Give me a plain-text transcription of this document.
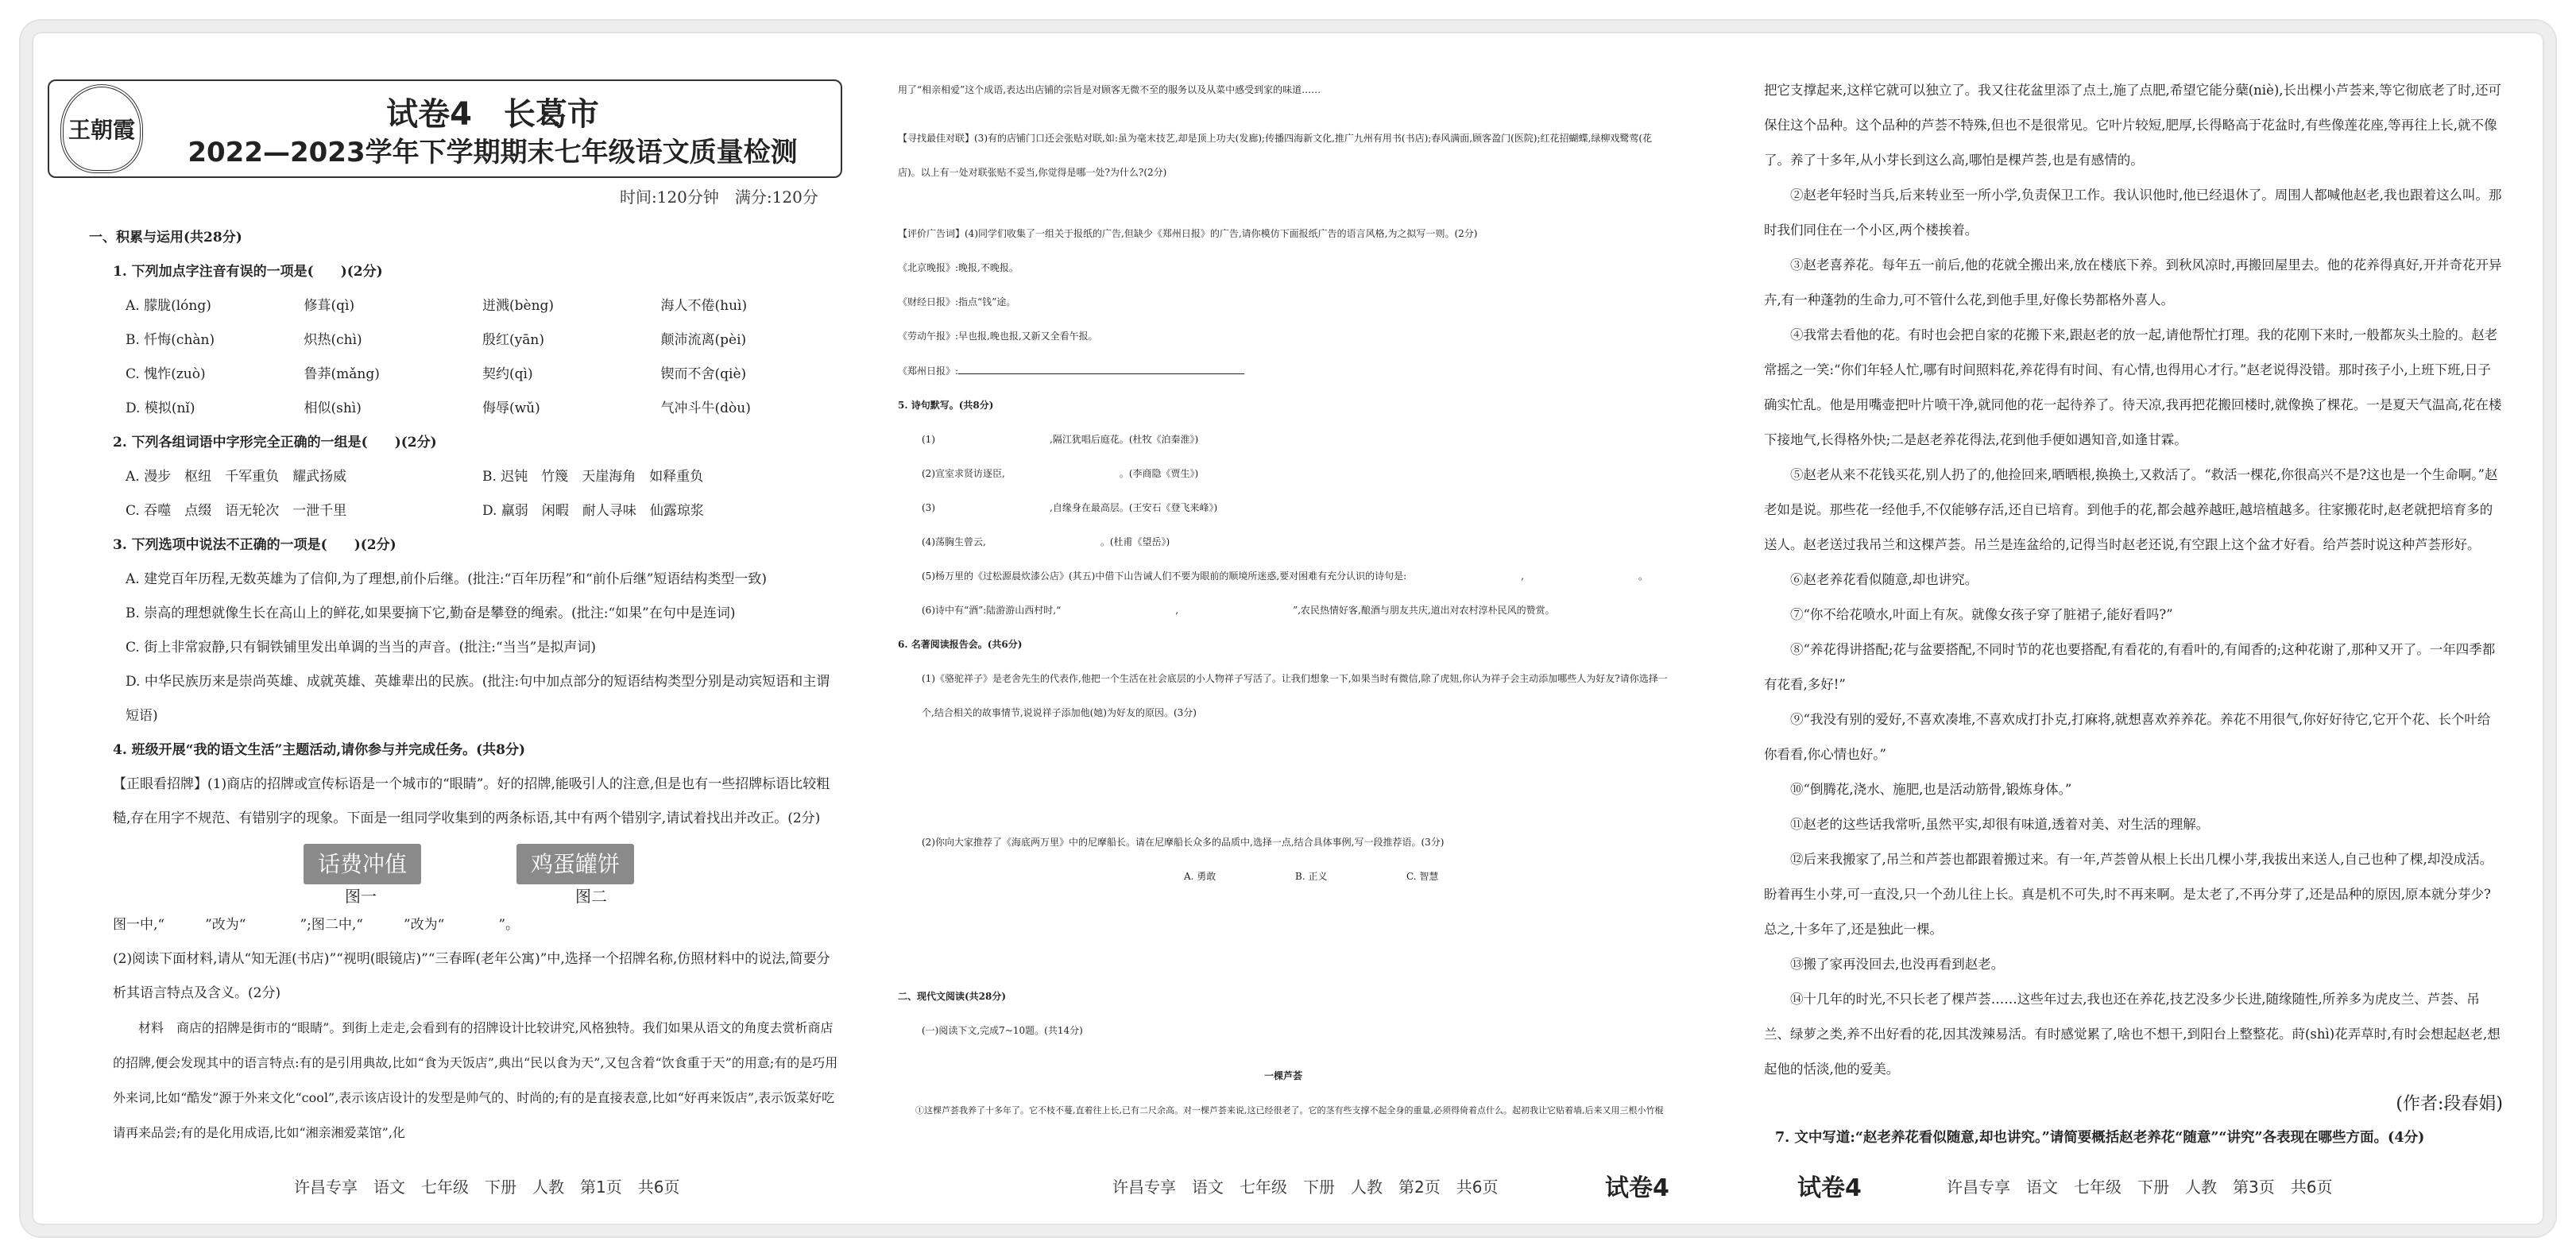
王朝霞	试卷4　长葛市
2022—2023学年下学期期末七年级语文质量检测
时间:120分钟　满分:120分
一、积累与运用(共28分)
1. 下列加点字注音有误的一项是(　　)(2分)
A. 朦胧(lóng)	修葺(qì)	迸溅(bèng)	海人不倦(huì)
B. 忏悔(chàn)	炽热(chì)	殷红(yān)	颠沛流离(pèi)
C. 愧怍(zuò)	鲁莽(mǎng)	契约(qì)	锲而不舍(qiè)
D. 模拟(nǐ)	相似(shì)	侮辱(wǔ)	气冲斗牛(dòu)
2. 下列各组词语中字形完全正确的一组是(　　)(2分)
A. 漫步　枢纽　千军重负　耀武扬威	B. 迟钝　竹篾　天崖海角　如释重负
C. 吞噬　点缀　语无轮次　一泄千里	D. 羸弱　闲暇　耐人寻味　仙露琼浆
3. 下列选项中说法不正确的一项是(　　)(2分)
A. 建党百年历程,无数英雄为了信仰,为了理想,前仆后继。(批注:“百年历程”和“前仆后继”短语结构类型一致)
B. 崇高的理想就像生长在高山上的鲜花,如果要摘下它,勤奋是攀登的绳索。(批注:“如果”在句中是连词)
C. 街上非常寂静,只有铜铁铺里发出单调的当当的声音。(批注:“当当”是拟声词)
D. 中华民族历来是崇尚英雄、成就英雄、英雄辈出的民族。(批注:句中加点部分的短语结构类型分别是动宾短语和主谓短语)
4. 班级开展“我的语文生活”主题活动,请你参与并完成任务。(共8分)
【正眼看招牌】(1)商店的招牌或宣传标语是一个城市的“眼睛”。好的招牌,能吸引人的注意,但是也有一些招牌标语比较粗糙,存在用字不规范、有错别字的现象。下面是一组同学收集到的两条标语,其中有两个错别字,请试着找出并改正。(2分)
话费冲值	鸡蛋罐饼
图一	图二
图一中,“　　　”改为“　　　　”;图二中,“　　　”改为“　　　　”。
(2)阅读下面材料,请从“知无涯(书店)”“视明(眼镜店)”“三春晖(老年公寓)”中,选择一个招牌名称,仿照材料中的说法,简要分析其语言特点及含义。(2分)
材料　商店的招牌是街市的“眼睛”。到街上走走,会看到有的招牌设计比较讲究,风格独特。我们如果从语文的角度去赏析商店的招牌,便会发现其中的语言特点:有的是引用典故,比如“食为天饭店”,典出“民以食为天”,又包含着“饮食重于天”的用意;有的是巧用外来词,比如“酷发”源于外来文化“cool”,表示该店设计的发型是帅气的、时尚的;有的是直接表意,比如“好再来饭店”,表示饭菜好吃请再来品尝;有的是化用成语,比如“湘亲湘爱菜馆”,化
许昌专享　语文　七年级　下册　人教　第1页　共6页
用了“相亲相爱”这个成语,表达出店铺的宗旨是对顾客无微不至的服务以及从菜中感受到家的味道……
【寻找最佳对联】(3)有的店铺门口还会张贴对联,如:虽为毫末技艺,却是顶上功夫(发廊);传播四海新文化,推广九州有用书(书店);春风满面,顾客盈门(医院);红花招蝴蝶,绿柳戏鹭莺(花店)。以上有一处对联张贴不妥当,你觉得是哪一处?为什么?(2分)
【评价广告词】(4)同学们收集了一组关于报纸的广告,但缺少《郑州日报》的广告,请你模仿下面报纸广告的语言风格,为之拟写一则。(2分)
《北京晚报》:晚报,不晚报。
《财经日报》:指点“钱”途。
《劳动午报》:早也报,晚也报,又新又全看午报。
《郑州日报》:
5. 诗句默写。(共8分)
(1)　　　　　　　　　　　　,隔江犹唱后庭花。(杜牧《泊秦淮》)
(2)宣室求贤访逐臣,　　　　　　　　　　　　。(李商隐《贾生》)
(3)　　　　　　　　　　　　,自缘身在最高层。(王安石《登飞来峰》)
(4)荡胸生曾云,　　　　　　　　　　　　。(杜甫《望岳》)
(5)杨万里的《过松源晨炊漆公店》(其五)中借下山告诫人们不要为眼前的顺境所迷惑,要对困难有充分认识的诗句是:　　　　　　　　　　　　,　　　　　　　　　　　　。
(6)诗中有“酒”:陆游游山西村时,“　　　　　　　　　　　　,　　　　　　　　　　　　”,农民热情好客,酿酒与朋友共庆,道出对农村淳朴民风的赞赏。
6. 名著阅读报告会。(共6分)
(1)《骆驼祥子》是老舍先生的代表作,他把一个生活在社会底层的小人物祥子写活了。让我们想象一下,如果当时有微信,除了虎妞,你认为祥子会主动添加哪些人为好友?请你选择一个,结合相关的故事情节,说说祥子添加他(她)为好友的原因。(3分)
(2)你向大家推荐了《海底两万里》中的尼摩船长。请在尼摩船长众多的品质中,选择一点,结合具体事例,写一段推荐语。(3分)
A. 勇敢	B. 正义	C. 智慧
二、现代文阅读(共28分)
(一)阅读下文,完成7~10题。(共14分)
一棵芦荟
①这棵芦荟我养了十多年了。它不枝不蔓,直着往上长,已有二尺余高。对一棵芦荟来说,这已经很老了。它的茎有些支撑不起全身的重量,必须得倚着点什么。起初我让它贴着墙,后来又用三根小竹棍
许昌专享　语文　七年级　下册　人教　第2页　共6页	试卷4
把它支撑起来,这样它就可以独立了。我又往花盆里添了点土,施了点肥,希望它能分蘖(niè),长出棵小芦荟来,等它彻底老了时,还可保住这个品种。这个品种的芦荟不特殊,但也不是很常见。它叶片较短,肥厚,长得略高于花盆时,有些像莲花座,等再往上长,就不像了。养了十多年,从小芽长到这么高,哪怕是棵芦荟,也是有感情的。
②赵老年轻时当兵,后来转业至一所小学,负责保卫工作。我认识他时,他已经退休了。周围人都喊他赵老,我也跟着这么叫。那时我们同住在一个小区,两个楼挨着。
③赵老喜养花。每年五一前后,他的花就全搬出来,放在楼底下养。到秋风凉时,再搬回屋里去。他的花养得真好,开并奇花开异卉,有一种蓬勃的生命力,可不管什么花,到他手里,好像长势都格外喜人。
④我常去看他的花。有时也会把自家的花搬下来,跟赵老的放一起,请他帮忙打理。我的花刚下来时,一般都灰头土脸的。赵老常摇之一笑:“你们年轻人忙,哪有时间照料花,养花得有时间、有心情,也得用心才行。”赵老说得没错。那时孩子小,上班下班,日子确实忙乱。他是用嘴壶把叶片喷干净,就同他的花一起待养了。待天凉,我再把花搬回楼时,就像换了棵花。一是夏天气温高,花在楼下接地气,长得格外快;二是赵老养花得法,花到他手便如遇知音,如逢甘霖。
⑤赵老从来不花钱买花,别人扔了的,他捡回来,晒晒根,换换土,又救活了。“救活一棵花,你很高兴不是?这也是一个生命啊。”赵老如是说。那些花一经他手,不仅能够存活,还自已培育。到他手的花,都会越养越旺,越培植越多。往家搬花时,赵老就把培育多的送人。赵老送过我吊兰和这棵芦荟。吊兰是连盆给的,记得当时赵老还说,有空跟上这个盆才好看。给芦荟时说这种芦荟形好。
⑥赵老养花看似随意,却也讲究。
⑦“你不给花喷水,叶面上有灰。就像女孩子穿了脏裙子,能好看吗?”
⑧“养花得讲搭配;花与盆要搭配,不同时节的花也要搭配,有看花的,有看叶的,有闻香的;这种花谢了,那种又开了。一年四季都有花看,多好!”
⑨“我没有别的爱好,不喜欢凑堆,不喜欢成打扑克,打麻将,就想喜欢养养花。养花不用很气,你好好待它,它开个花、长个叶给你看看,你心情也好。”
⑩“倒腾花,浇水、施肥,也是活动筋骨,锻炼身体。”
⑪赵老的这些话我常听,虽然平实,却很有味道,透着对美、对生活的理解。
⑫后来我搬家了,吊兰和芦荟也都跟着搬过来。有一年,芦荟曾从根上长出几棵小芽,我拔出来送人,自己也种了棵,却没成活。盼着再生小芽,可一直没,只一个劲儿往上长。真是机不可失,时不再来啊。是太老了,不再分芽了,还是品种的原因,原本就分芽少?总之,十多年了,还是独此一棵。
⑬搬了家再没回去,也没再看到赵老。
⑭十几年的时光,不只长老了棵芦荟……这些年过去,我也还在养花,技艺没多少长进,随缘随性,所养多为虎皮兰、芦荟、吊兰、绿萝之类,养不出好看的花,因其泼辣易活。有时感觉累了,啥也不想干,到阳台上整整花。莳(shì)花弄草时,有时会想起赵老,想起他的恬淡,他的爱美。
(作者:段春娟)
7. 文中写道:“赵老养花看似随意,却也讲究。”请简要概括赵老养花“随意”“讲究”各表现在哪些方面。(4分)
试卷4	许昌专享　语文　七年级　下册　人教　第3页　共6页
